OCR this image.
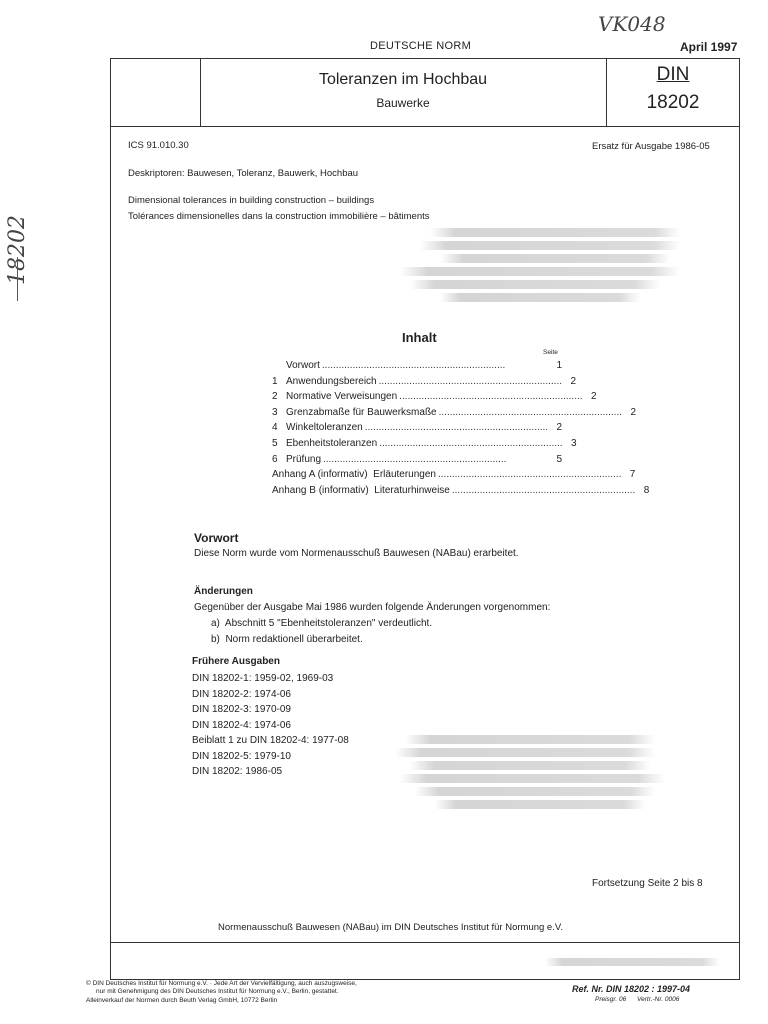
VK048
18202
DEUTSCHE NORM	April 1997
Toleranzen im Hochbau
Bauwerke
DIN
18202
ICS 91.010.30	Ersatz für Ausgabe 1986-05
Deskriptoren: Bauwesen, Toleranz, Bauwerk, Hochbau
Dimensional tolerances in building construction – buildings
Tolérances dimensionelles dans la construction immobilière – bâtiments
Inhalt
Seite
Vorwort ..................................................................	1
1 Anwendungsbereich .................................................................. 2
2 Normative Verweisungen .................................................................. 2
3 Grenzabmaße für Bauwerksmaße .................................................................. 2
4 Winkeltoleranzen .................................................................. 2
5 Ebenheitstoleranzen .................................................................. 3
6 Prüfung ..................................................................	5
Anhang A (informativ)  Erläuterungen .................................................................. 7
Anhang B (informativ)  Literaturhinweise .................................................................. 8
Vorwort
Diese Norm wurde vom Normenausschuß Bauwesen (NABau) erarbeitet.
Änderungen
Gegenüber der Ausgabe Mai 1986 wurden folgende Änderungen vorgenommen:
a)  Abschnitt 5 "Ebenheitstoleranzen" verdeutlicht.
b)  Norm redaktionell überarbeitet.
Frühere Ausgaben
DIN 18202-1: 1959-02, 1969-03
DIN 18202-2: 1974-06
DIN 18202-3: 1970-09
DIN 18202-4: 1974-06
Beiblatt 1 zu DIN 18202-4: 1977-08
DIN 18202-5: 1979-10
DIN 18202: 1986-05
Fortsetzung Seite 2 bis 8
Normenausschuß Bauwesen (NABau) im DIN Deutsches Institut für Normung e.V.
© DIN Deutsches Institut für Normung e.V. · Jede Art der Vervielfältigung, auch auszugsweise,
nur mit Genehmigung des DIN Deutsches Institut für Normung e.V., Berlin, gestattet.
Alleinverkauf der Normen durch Beuth Verlag GmbH, 10772 Berlin
Ref. Nr. DIN 18202 : 1997-04
Preisgr. 06 Vertr.-Nr. 0006
